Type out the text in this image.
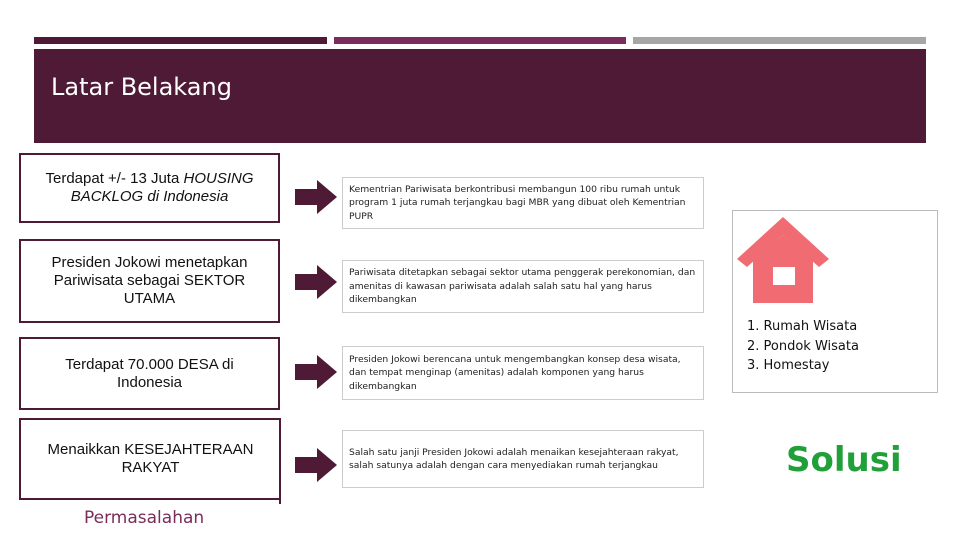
Latar Belakang
Terdapat +/- 13 Juta HOUSING BACKLOG di Indonesia	Kementrian Pariwisata berkontribusi membangun 100 ribu rumah untuk program 1 juta rumah terjangkau bagi MBR yang dibuat oleh Kementrian PUPR
Presiden Jokowi menetapkan Pariwisata sebagai SEKTOR UTAMA
Pariwisata ditetapkan sebagai sektor utama penggerak perekonomian, dan amenitas di kawasan pariwisata adalah salah satu hal yang harus dikembangkan
Terdapat 70.000 DESA di Indonesia
Presiden Jokowi berencana untuk mengembangkan konsep desa wisata, dan tempat menginap (amenitas) adalah komponen yang harus dikembangkan
Menaikkan KESEJAHTERAAN RAKYAT
Salah satu janji Presiden Jokowi adalah menaikan kesejahteraan rakyat, salah satunya adalah dengan cara menyediakan rumah terjangkau
Permasalahan
1. Rumah Wisata
2. Pondok Wisata
3. Homestay
Solusi
